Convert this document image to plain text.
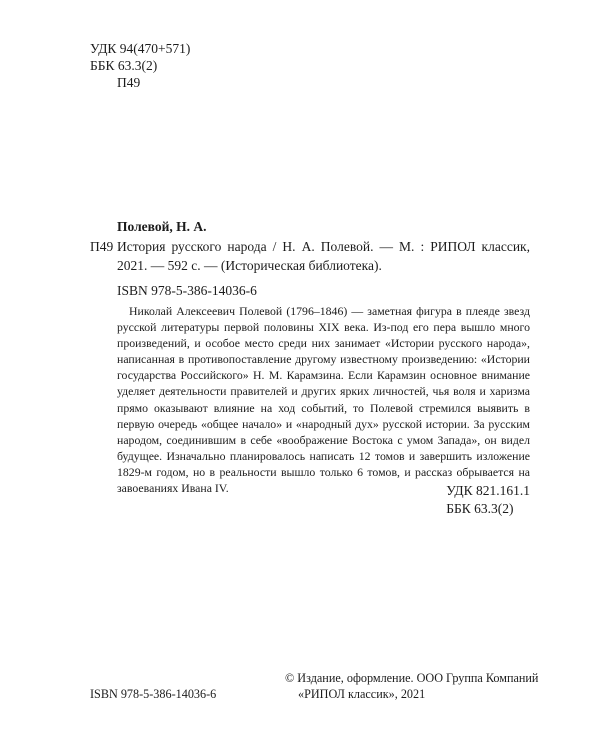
УДК 94(470+571)
ББК 63.3(2)
П49
Полевой, Н. А.
П49 История русского народа / Н. А. Полевой. — М. : РИПОЛ классик, 2021. — 592 с. — (Историческая библиотека).
ISBN 978-5-386-14036-6

Николай Алексеевич Полевой (1796–1846) — заметная фигура в плеяде звезд русской литературы первой половины XIX века. Из-под его пера вышло много произведений, и особое место среди них занимает «Истории русского народа», написанная в противопоставление другому известному произведению: «Истории государства Российского» Н. М. Карамзина. Если Карамзин основное внимание уделяет деятельности правителей и других ярких личностей, чья воля и харизма прямо оказывают влияние на ход событий, то Полевой стремился выявить в первую очередь «общее начало» и «народный дух» русской истории. За русским народом, соединившим в себе «воображение Востока с умом Запада», он видел будущее. Изначально планировалось написать 12 томов и завершить изложение 1829-м годом, но в реальности вышло только 6 томов, и рассказ обрывается на завоеваниях Ивана IV.	УДК 821.161.1
ББК 63.3(2)
ISBN 978-5-386-14036-6
© Издание, оформление. ООО Группа Компаний
«РИПОЛ классик», 2021
